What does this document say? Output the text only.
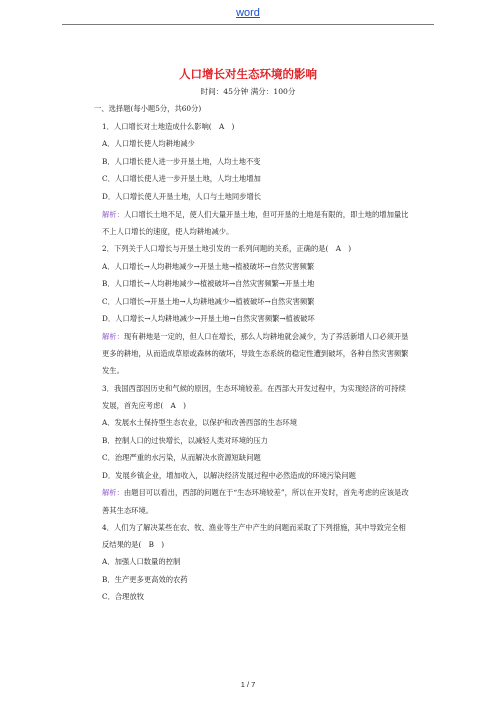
word
人口增长对生态环境的影响
时间：45分钟 满分：100分

一、选择题(每小题5分，共60分)

1．人口增长对土地造成什么影响(　A　)

A．人口增长使人均耕地减少

B．人口增长使人进一步开垦土地，人均土地不变

C．人口增长使人进一步开垦土地，人均土地增加

D．人口增长使人开垦土地，人口与土地同步增长

解析：人口增长土地不足，使人们大量开垦土地，但可开垦的土地是有限的，即土地的增加量比不上人口增长的速度，使人均耕地减少。

2．下列关于人口增长与开垦土地引发的一系列问题的关系，正确的是(　A　)

A．人口增长→人均耕地减少→开垦土地→植被破坏→自然灾害频繁

B．人口增长→人均耕地减少→植被破坏→自然灾害频繁→开垦土地

C．人口增长→开垦土地→人均耕地减少→植被破坏→自然灾害频繁

D．人口增长→人均耕地减少→开垦土地→自然灾害频繁→植被破坏

解析：现有耕地是一定的，但人口在增长，那么人均耕地就会减少，为了养活新增人口必须开垦更多的耕地，从而造成草原或森林的破坏，导致生态系统的稳定性遭到破坏，各种自然灾害频繁发生。

3．我国西部因历史和气候的原因，生态环境较差。在西部大开发过程中，为实现经济的可持续发展，首先应考虑(　A　)

A．发展水土保持型生态农业，以保护和改善西部的生态环境

B．控制人口的过快增长，以减轻人类对环境的压力

C．治理严重的水污染，从而解决水资源短缺问题

D．发展乡镇企业，增加收入，以解决经济发展过程中必然造成的环境污染问题

解析：由题目可以看出，西部的问题在于“生态环境较差”，所以在开发时，首先考虑的应该是改善其生态环境。

4．人们为了解决某些在农、牧、渔业等生产中产生的问题而采取了下列措施，其中导致完全相反结果的是(　B　)

A．加强人口数量的控制

B．生产更多更高效的农药

C．合理放牧

1 / 7
